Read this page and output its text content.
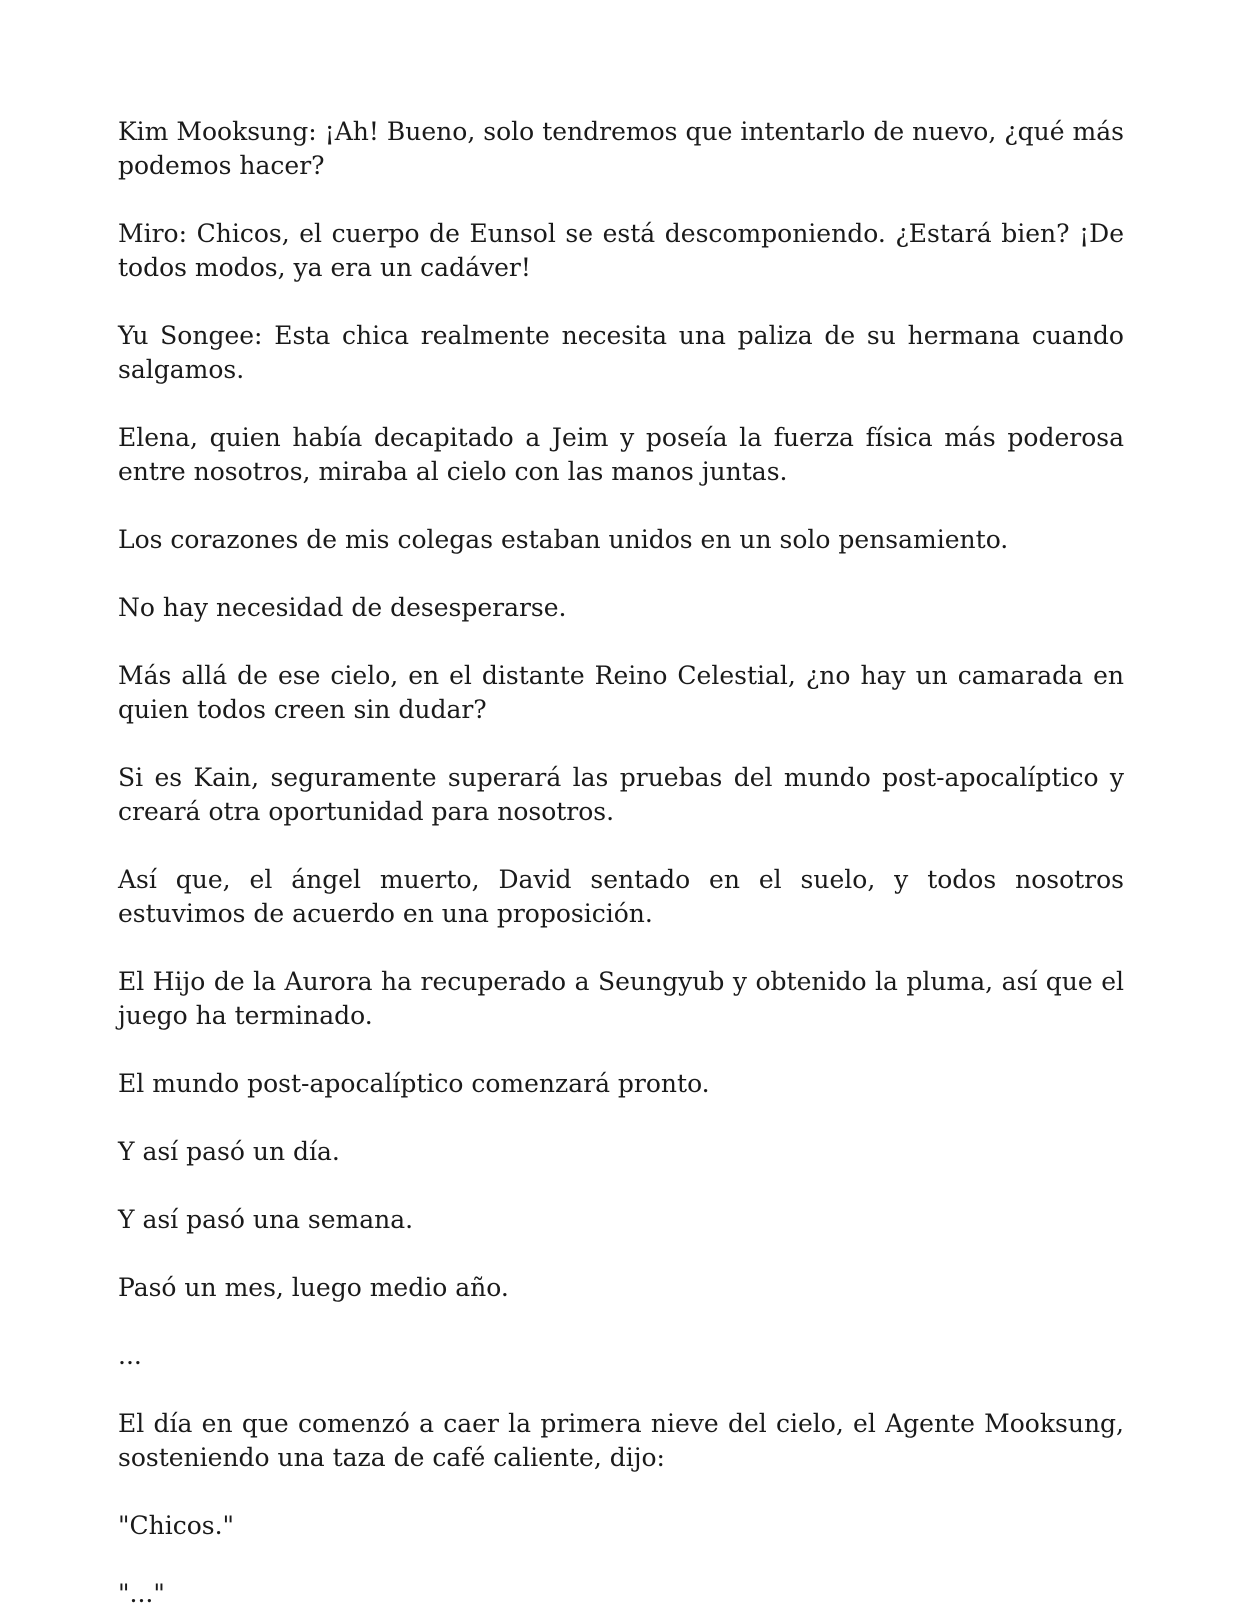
Kim Mooksung: ¡Ah! Bueno, solo tendremos que intentarlo de nuevo, ¿qué más podemos hacer?

Miro: Chicos, el cuerpo de Eunsol se está descomponiendo. ¿Estará bien? ¡De todos modos, ya era un cadáver!

Yu Songee: Esta chica realmente necesita una paliza de su hermana cuando salgamos.

Elena, quien había decapitado a Jeim y poseía la fuerza física más poderosa entre nosotros, miraba al cielo con las manos juntas.

Los corazones de mis colegas estaban unidos en un solo pensamiento.

No hay necesidad de desesperarse.

Más allá de ese cielo, en el distante Reino Celestial, ¿no hay un camarada en quien todos creen sin dudar?

Si es Kain, seguramente superará las pruebas del mundo post-apocalíptico y creará otra oportunidad para nosotros.

Así que, el ángel muerto, David sentado en el suelo, y todos nosotros estuvimos de acuerdo en una proposición.

El Hijo de la Aurora ha recuperado a Seungyub y obtenido la pluma, así que el juego ha terminado.

El mundo post-apocalíptico comenzará pronto.

Y así pasó un día.

Y así pasó una semana.

Pasó un mes, luego medio año.

...

El día en que comenzó a caer la primera nieve del cielo, el Agente Mooksung, sosteniendo una taza de café caliente, dijo:

"Chicos."

"..."
